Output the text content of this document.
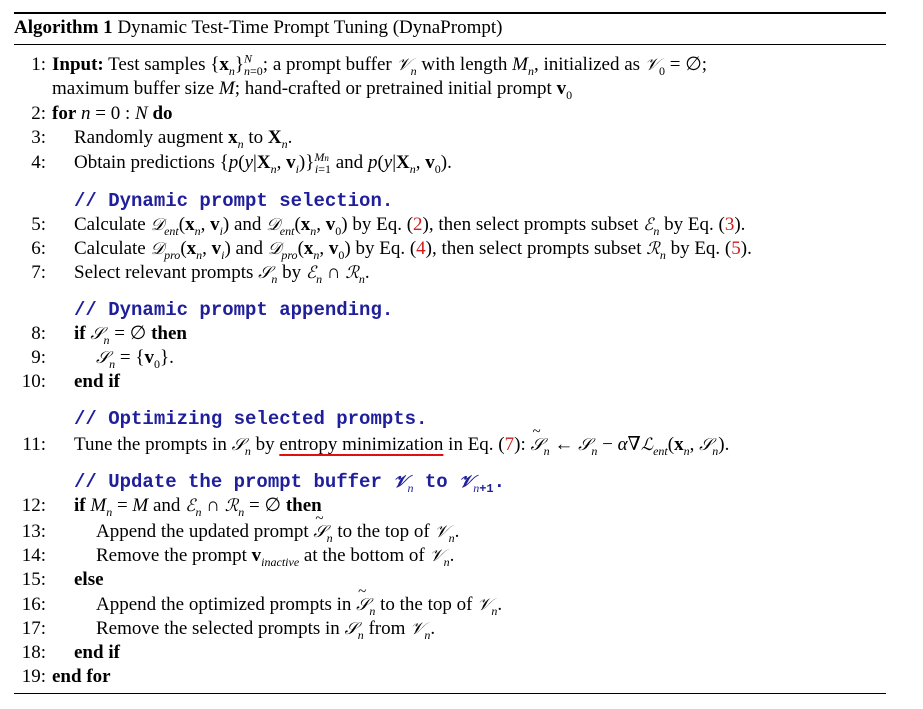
Algorithm 1 Dynamic Test-Time Prompt Tuning (DynaPrompt)
1: Input: Test samples $\{x_n\}^N_{n=0}$; a prompt buffer 𝒱$_n$ with length $M_n$, initialized as 𝒱$_0$ = ∅;
maximum buffer size M; hand-crafted or pretrained initial prompt $v_0$
2: for n = 0 : N do
3: Randomly augment $x_n$ to $X_n$.
4: Obtain predictions {$p(y|X_n$, $v_i)\}^{Mn}_{i=1}$ and $p(y|X_n$, $v_0$).
// Dynamic prompt selection.
5: Calculate $𝒟_{ent}(x_n$, $v_i$) and $𝒟_{ent}(x_n$, $v_0$) by Eq. (2), then select prompts subset ℰ$_n$ by Eq. (3).
6: Calculate $𝒟_{pro}(x_n$, $v_i$) and $𝒟_{pro}(x_n$, $v_0$) by Eq. (4), then select prompts subset ℛ$_n$ by Eq. (5).
7: Select relevant prompts 𝒮$_n$ by ℰ$_n$ ∩ ℛ$_n$.
// Dynamic prompt appending.
8: if 𝒮$_n$ = ∅ then
9:	𝒮$_n$ = $\{v_0\}$.
10: end if
// Optimizing selected prompts.
11: Tune the prompts in 𝒮$_n$ by entropy minimization in Eq. (7): ~ 𝒮$_n$ ← 𝒮$_n$ − $\alpha\nabla ℒ_{ent}(x_n$, 𝒮$_n$).
// Update the prompt buffer 𝒱$_n$ to 𝒱$_{n+1}$.
12: if $M_n = M$ and ℰ$_n$ ∩ ℛ$_n$ = ∅ then
13:	Append the updated prompt ~ 𝒮$_n$ to the top of 𝒱$_n$.
14:	Remove the prompt $v_{inactive}$ at the bottom of 𝒱$_n$.
15: else
16:	Append the optimized prompts in ~ 𝒮$_n$ to the top of 𝒱$_n$.
17:	Remove the selected prompts in 𝒮$_n$ from 𝒱$_n$.
18: end if
19: end for
